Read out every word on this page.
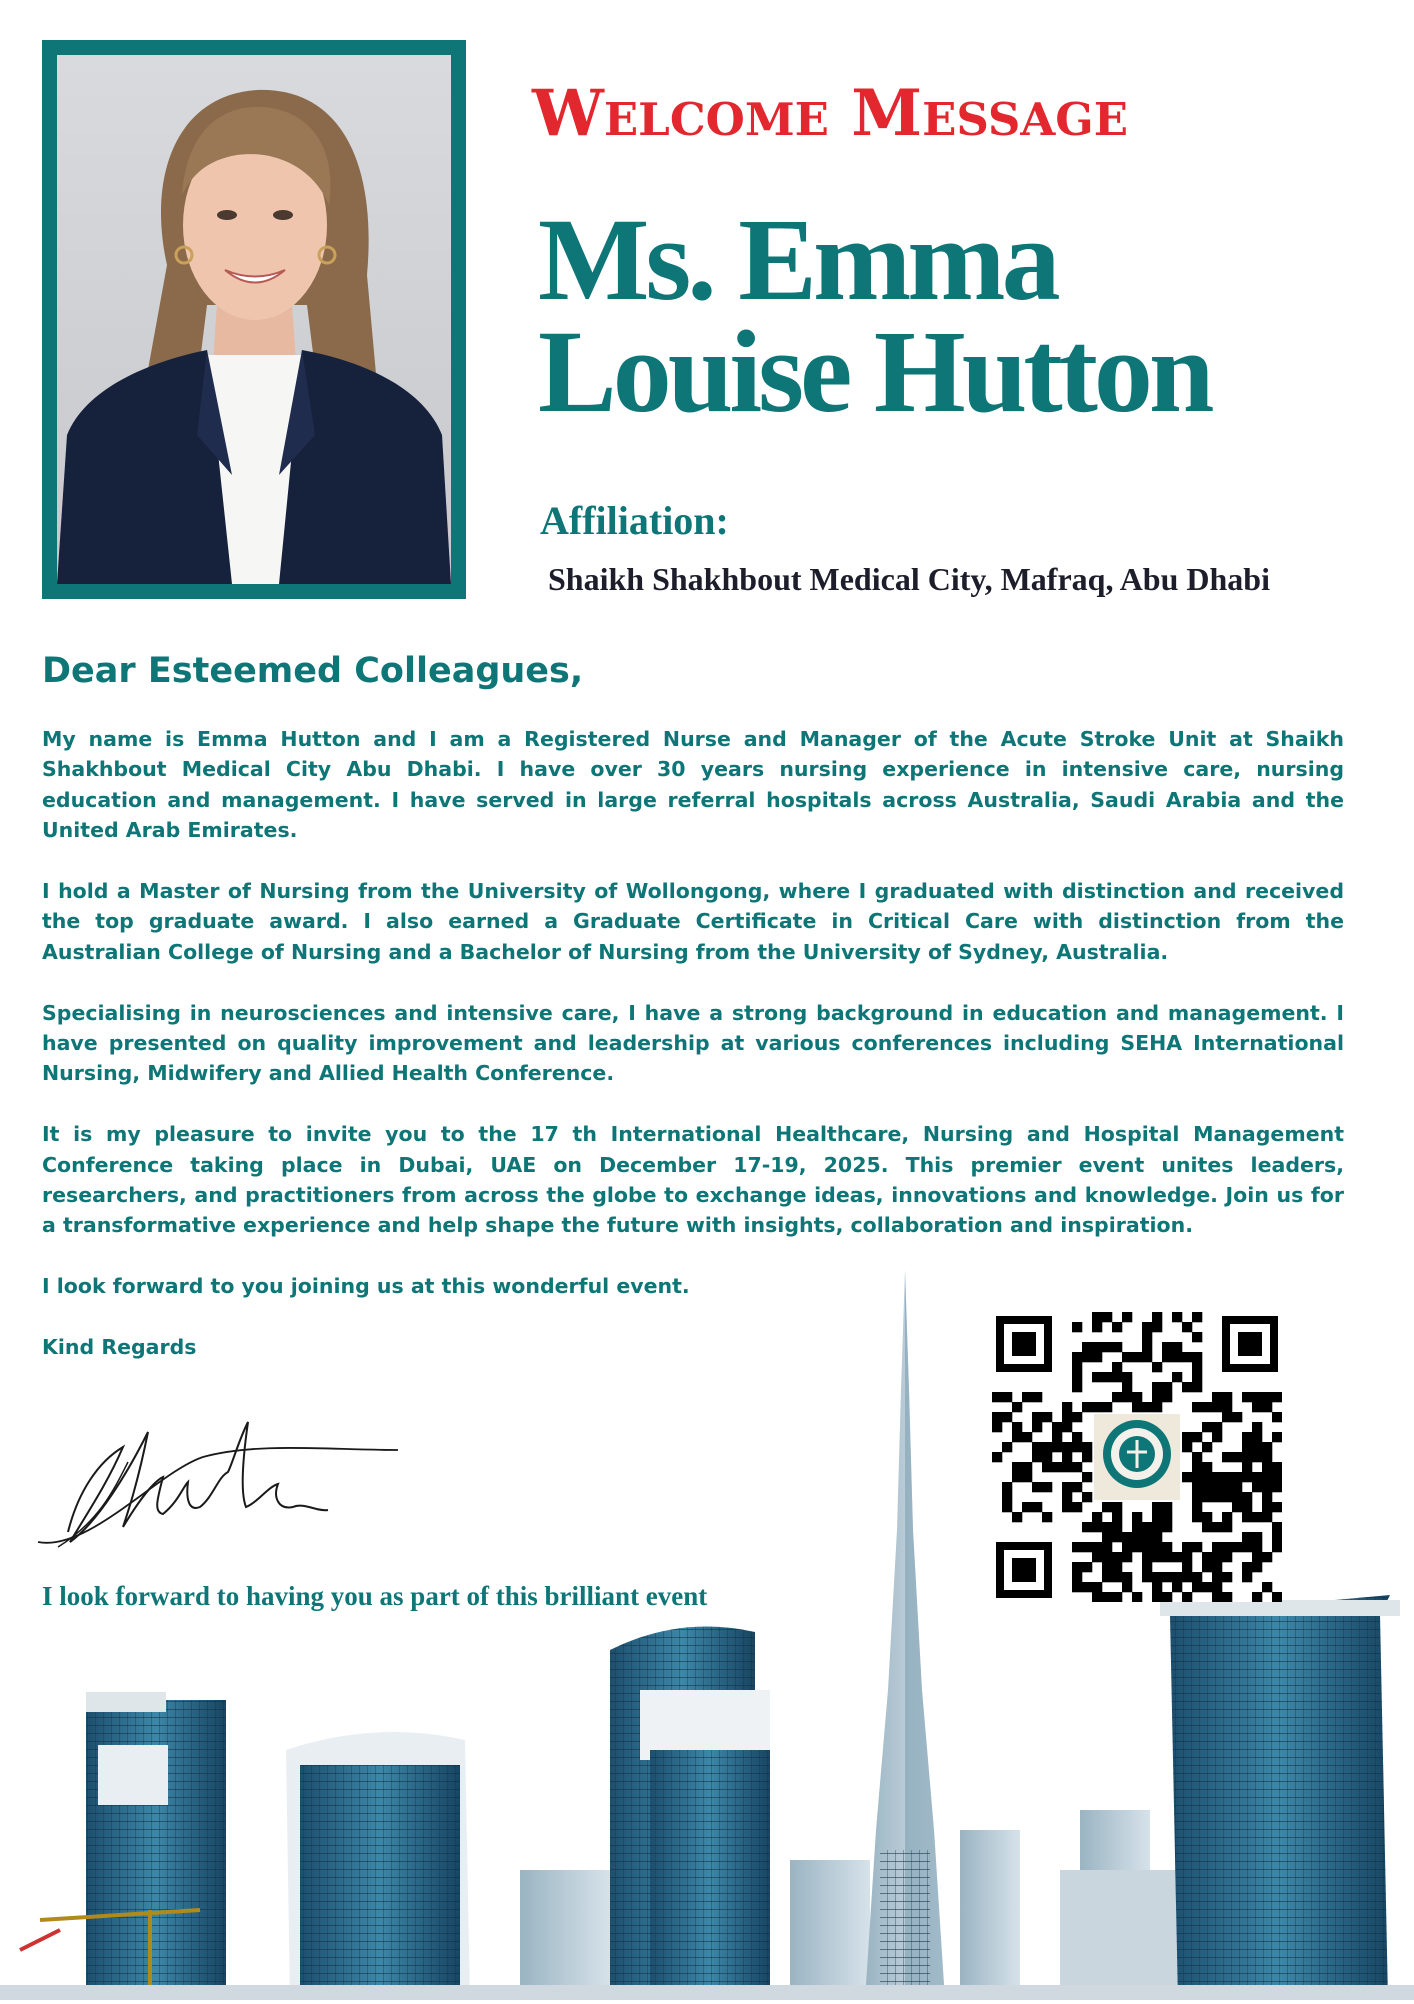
Welcome Message
Ms. Emma Louise Hutton
Affiliation:
Shaikh Shakhbout Medical City, Mafraq, Abu Dhabi
Dear Esteemed Colleagues,

My name is Emma Hutton and I am a Registered Nurse and Manager of the Acute Stroke Unit at Shaikh Shakhbout Medical City Abu Dhabi. I have over 30 years nursing experience in intensive care, nursing education and management. I have served in large referral hospitals across Australia, Saudi Arabia and the United Arab Emirates.

I hold a Master of Nursing from the University of Wollongong, where I graduated with distinction and received the top graduate award. I also earned a Graduate Certificate in Critical Care with distinction from the Australian College of Nursing and a Bachelor of Nursing from the University of Sydney, Australia.

Specialising in neurosciences and intensive care, I have a strong background in education and management. I have presented on quality improvement and leadership at various conferences including SEHA International Nursing, Midwifery and Allied Health Conference.

It is my pleasure to invite you to the 17 th International Healthcare, Nursing and Hospital Management Conference taking place in Dubai, UAE on December 17-19, 2025. This premier event unites leaders, researchers, and practitioners from across the globe to exchange ideas, innovations and knowledge. Join us for a transformative experience and help shape the future with insights, collaboration and inspiration.

I look forward to you joining us at this wonderful event.

Kind Regards

I look forward to having you as part of this brilliant event
